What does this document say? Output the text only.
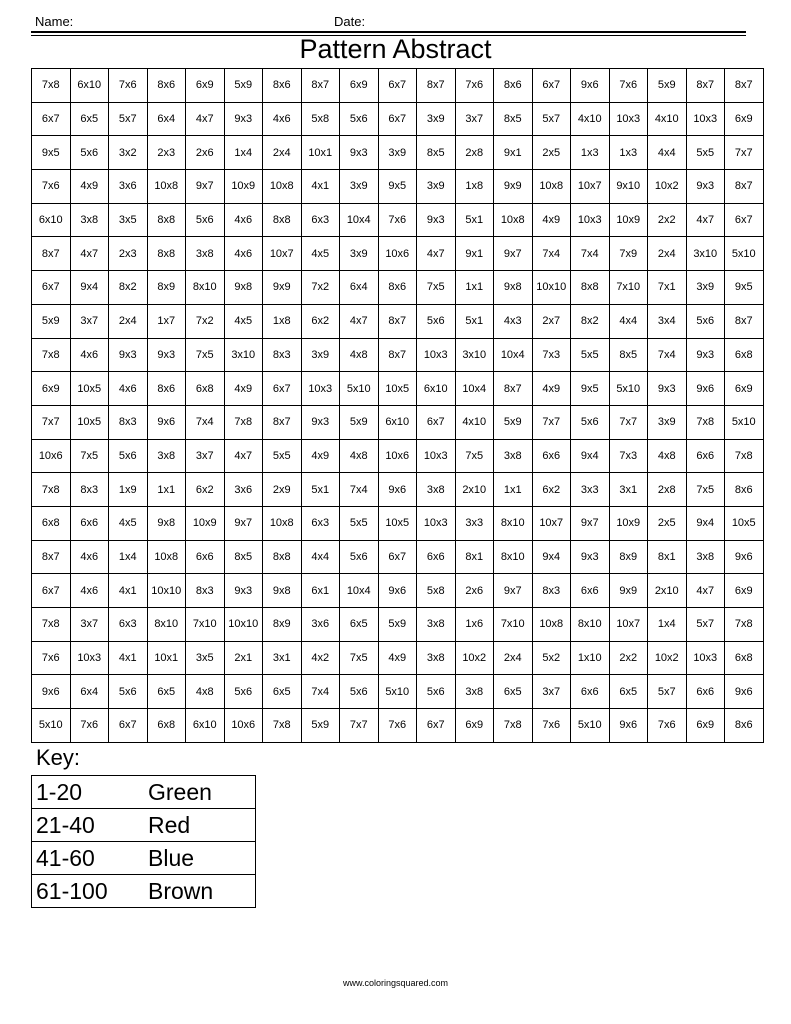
Name:	Date:
Pattern Abstract
7x8	6x10	7x6	8x6	6x9	5x9	8x6	8x7	6x9	6x7	8x7	7x6	8x6	6x7	9x6	7x6	5x9	8x7	8x7
6x7	6x5	5x7	6x4	4x7	9x3	4x6	5x8	5x6	6x7	3x9	3x7	8x5	5x7	4x10	10x3	4x10	10x3	6x9
9x5	5x6	3x2	2x3	2x6	1x4	2x4	10x1	9x3	3x9	8x5	2x8	9x1	2x5	1x3	1x3	4x4	5x5	7x7
7x6	4x9	3x6	10x8	9x7	10x9	10x8	4x1	3x9	9x5	3x9	1x8	9x9	10x8	10x7	9x10	10x2	9x3	8x7
6x10	3x8	3x5	8x8	5x6	4x6	8x8	6x3	10x4	7x6	9x3	5x1	10x8	4x9	10x3	10x9	2x2	4x7	6x7
8x7	4x7	2x3	8x8	3x8	4x6	10x7	4x5	3x9	10x6	4x7	9x1	9x7	7x4	7x4	7x9	2x4	3x10	5x10
6x7	9x4	8x2	8x9	8x10	9x8	9x9	7x2	6x4	8x6	7x5	1x1	9x8	10x10	8x8	7x10	7x1	3x9	9x5
5x9	3x7	2x4	1x7	7x2	4x5	1x8	6x2	4x7	8x7	5x6	5x1	4x3	2x7	8x2	4x4	3x4	5x6	8x7
7x8	4x6	9x3	9x3	7x5	3x10	8x3	3x9	4x8	8x7	10x3	3x10	10x4	7x3	5x5	8x5	7x4	9x3	6x8
6x9	10x5	4x6	8x6	6x8	4x9	6x7	10x3	5x10	10x5	6x10	10x4	8x7	4x9	9x5	5x10	9x3	9x6	6x9
7x7	10x5	8x3	9x6	7x4	7x8	8x7	9x3	5x9	6x10	6x7	4x10	5x9	7x7	5x6	7x7	3x9	7x8	5x10
10x6	7x5	5x6	3x8	3x7	4x7	5x5	4x9	4x8	10x6	10x3	7x5	3x8	6x6	9x4	7x3	4x8	6x6	7x8
7x8	8x3	1x9	1x1	6x2	3x6	2x9	5x1	7x4	9x6	3x8	2x10	1x1	6x2	3x3	3x1	2x8	7x5	8x6
6x8	6x6	4x5	9x8	10x9	9x7	10x8	6x3	5x5	10x5	10x3	3x3	8x10	10x7	9x7	10x9	2x5	9x4	10x5
8x7	4x6	1x4	10x8	6x6	8x5	8x8	4x4	5x6	6x7	6x6	8x1	8x10	9x4	9x3	8x9	8x1	3x8	9x6
6x7	4x6	4x1	10x10	8x3	9x3	9x8	6x1	10x4	9x6	5x8	2x6	9x7	8x3	6x6	9x9	2x10	4x7	6x9
7x8	3x7	6x3	8x10	7x10	10x10	8x9	3x6	6x5	5x9	3x8	1x6	7x10	10x8	8x10	10x7	1x4	5x7	7x8
7x6	10x3	4x1	10x1	3x5	2x1	3x1	4x2	7x5	4x9	3x8	10x2	2x4	5x2	1x10	2x2	10x2	10x3	6x8
9x6	6x4	5x6	6x5	4x8	5x6	6x5	7x4	5x6	5x10	5x6	3x8	6x5	3x7	6x6	6x5	5x7	6x6	9x6
5x10	7x6	6x7	6x8	6x10	10x6	7x8	5x9	7x7	7x6	6x7	6x9	7x8	7x6	5x10	9x6	7x6	6x9	8x6
Key:
1-20	Green
21-40	Red
41-60	Blue
61-100	Brown
www.coloringsquared.com
